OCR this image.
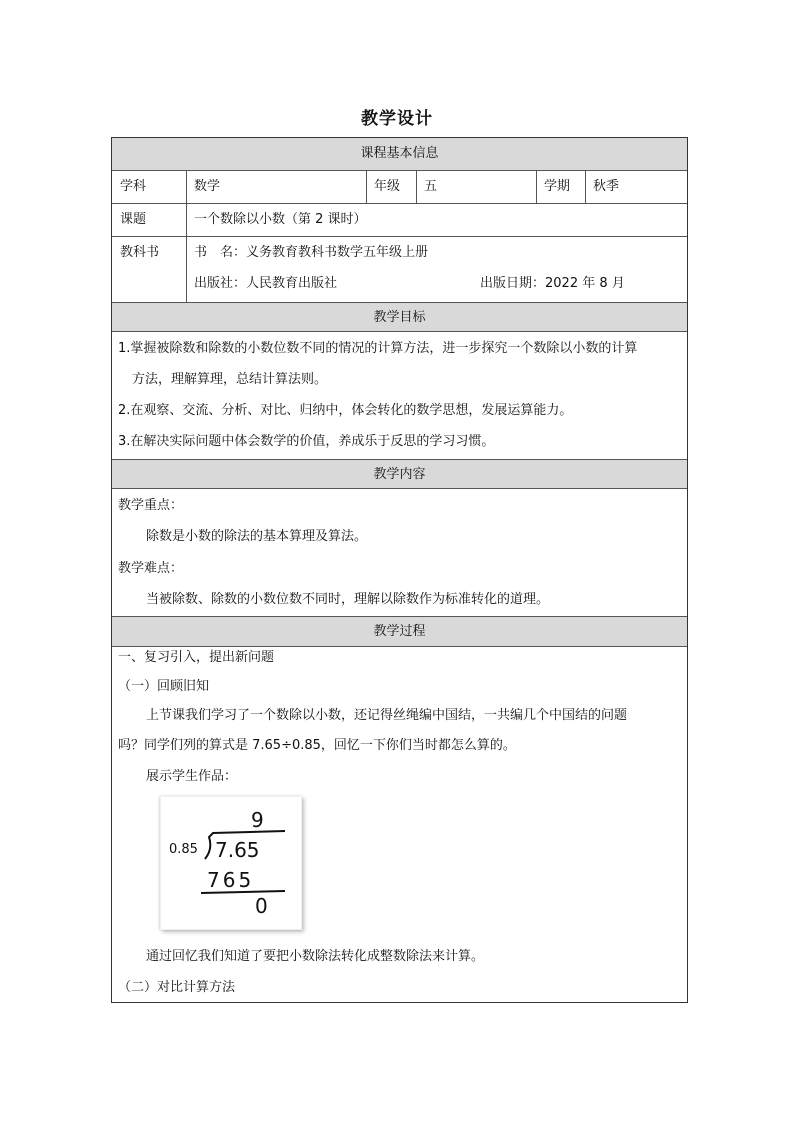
教学设计
课程基本信息
学科	数学	年级 五	学期 秋季
课题	一个数除以小数（第 2 课时）
教科书	书　名：义务教育教科书数学五年级上册
出版社：人民教育出版社	出版日期：2022 年 8 月
教学目标
1.掌握被除数和除数的小数位数不同的情况的计算方法，进一步探究一个数除以小数的计算
方法，理解算理，总结计算法则。
2.在观察、交流、分析、对比、归纳中，体会转化的数学思想，发展运算能力。
3.在解决实际问题中体会数学的价值，养成乐于反思的学习习惯。
教学内容
教学重点：
除数是小数的除法的基本算理及算法。
教学难点：
当被除数、除数的小数位数不同时，理解以除数作为标准转化的道理。
教学过程
一、复习引入，提出新问题
（一）回顾旧知
上节课我们学习了一个数除以小数，还记得丝绳编中国结，一共编几个中国结的问题
吗？同学们列的算式是 7.65÷0.85，回忆一下你们当时都怎么算的。
展示学生作品：
9
0.85 7.65
765
0
通过回忆我们知道了要把小数除法转化成整数除法来计算。
（二）对比计算方法
